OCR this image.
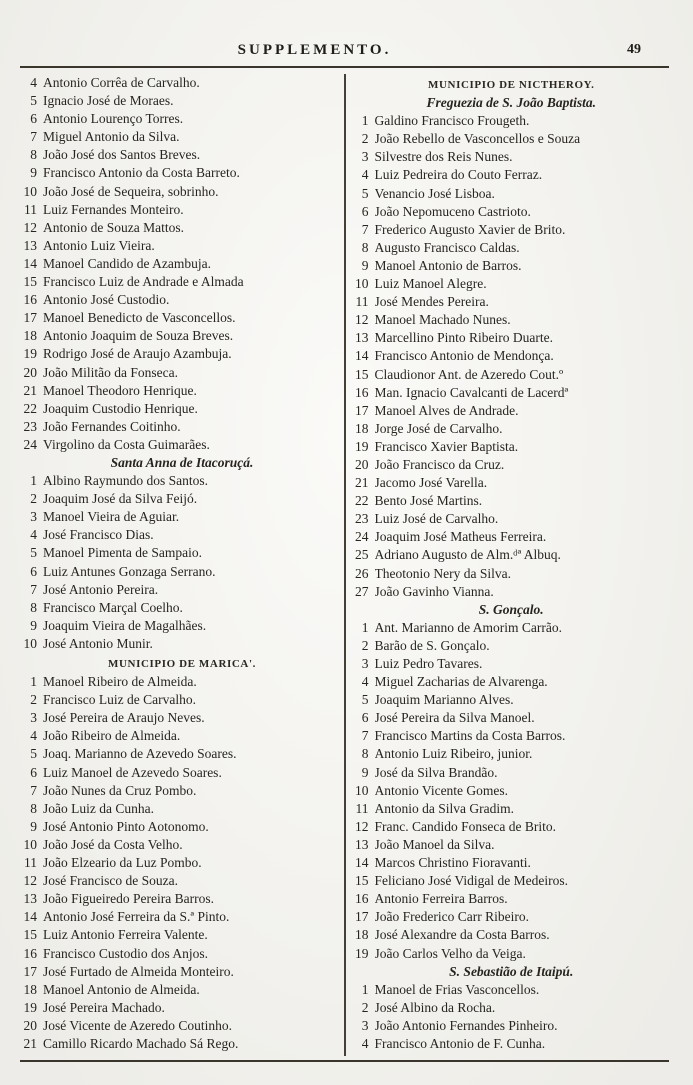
SUPPLEMENTO.	49
4 Antonio Corrêa de Carvalho.
5 Ignacio José de Moraes.
6 Antonio Lourenço Torres.
7 Miguel Antonio da Silva.
8 João José dos Santos Breves.
9 Francisco Antonio da Costa Barreto.
10 João José de Sequeira, sobrinho.
11 Luiz Fernandes Monteiro.
12 Antonio de Souza Mattos.
13 Antonio Luiz Vieira.
14 Manoel Candido de Azambuja.
15 Francisco Luiz de Andrade e Almada
16 Antonio José Custodio.
17 Manoel Benedicto de Vasconcellos.
18 Antonio Joaquim de Souza Breves.
19 Rodrigo José de Araujo Azambuja.
20 João Militão da Fonseca.
21 Manoel Theodoro Henrique.
22 Joaquim Custodio Henrique.
23 João Fernandes Coitinho.
24 Virgolino da Costa Guimarães.
Santa Anna de Itacoruçá.
1 Albino Raymundo dos Santos.
2 Joaquim José da Silva Feijó.
3 Manoel Vieira de Aguiar.
4 José Francisco Dias.
5 Manoel Pimenta de Sampaio.
6 Luiz Antunes Gonzaga Serrano.
7 José Antonio Pereira.
8 Francisco Marçal Coelho.
9 Joaquim Vieira de Magalhães.
10 José Antonio Munir.
MUNICIPIO DE MARICA'.
1 Manoel Ribeiro de Almeida.
2 Francisco Luiz de Carvalho.
3 José Pereira de Araujo Neves.
4 João Ribeiro de Almeida.
5 Joaq. Marianno de Azevedo Soares.
6 Luiz Manoel de Azevedo Soares.
7 João Nunes da Cruz Pombo.
8 João Luiz da Cunha.
9 José Antonio Pinto Aotonomo.
10 João José da Costa Velho.
11 João Elzeario da Luz Pombo.
12 José Francisco de Souza.
13 João Figueiredo Pereira Barros.
14 Antonio José Ferreira da S.ª Pinto.
15 Luiz Antonio Ferreira Valente.
16 Francisco Custodio dos Anjos.
17 José Furtado de Almeida Monteiro.
18 Manoel Antonio de Almeida.
19 José Pereira Machado.
20 José Vicente de Azeredo Coutinho.
21 Camillo Ricardo Machado Sá Rego.
MUNICIPIO DE NICTHEROY.
Freguezia de S. João Baptista.
1 Galdino Francisco Frougeth.
2 João Rebello de Vasconcellos e Souza
3 Silvestre dos Reis Nunes.
4 Luiz Pedreira do Couto Ferraz.
5 Venancio José Lisboa.
6 João Nepomuceno Castrioto.
7 Frederico Augusto Xavier de Brito.
8 Augusto Francisco Caldas.
9 Manoel Antonio de Barros.
10 Luiz Manoel Alegre.
11 José Mendes Pereira.
12 Manoel Machado Nunes.
13 Marcellino Pinto Ribeiro Duarte.
14 Francisco Antonio de Mendonça.
15 Claudionor Ant. de Azeredo Cout.º
16 Man. Ignacio Cavalcanti de Lacerdª
17 Manoel Alves de Andrade.
18 Jorge José de Carvalho.
19 Francisco Xavier Baptista.
20 João Francisco da Cruz.
21 Jacomo José Varella.
22 Bento José Martins.
23 Luiz José de Carvalho.
24 Joaquim José Matheus Ferreira.
25 Adriano Augusto de Alm.ᵈª Albuq.
26 Theotonio Nery da Silva.
27 João Gavinho Vianna.
S. Gonçalo.
1 Ant. Marianno de Amorim Carrão.
2 Barão de S. Gonçalo.
3 Luiz Pedro Tavares.
4 Miguel Zacharias de Alvarenga.
5 Joaquim Marianno Alves.
6 José Pereira da Silva Manoel.
7 Francisco Martins da Costa Barros.
8 Antonio Luiz Ribeiro, junior.
9 José da Silva Brandão.
10 Antonio Vicente Gomes.
11 Antonio da Silva Gradim.
12 Franc. Candido Fonseca de Brito.
13 João Manoel da Silva.
14 Marcos Christino Fioravanti.
15 Feliciano José Vidigal de Medeiros.
16 Antonio Ferreira Barros.
17 João Frederico Carr Ribeiro.
18 José Alexandre da Costa Barros.
19 João Carlos Velho da Veiga.
S. Sebastião de Itaipú.
1 Manoel de Frias Vasconcellos.
2 José Albino da Rocha.
3 João Antonio Fernandes Pinheiro.
4 Francisco Antonio de F. Cunha.
